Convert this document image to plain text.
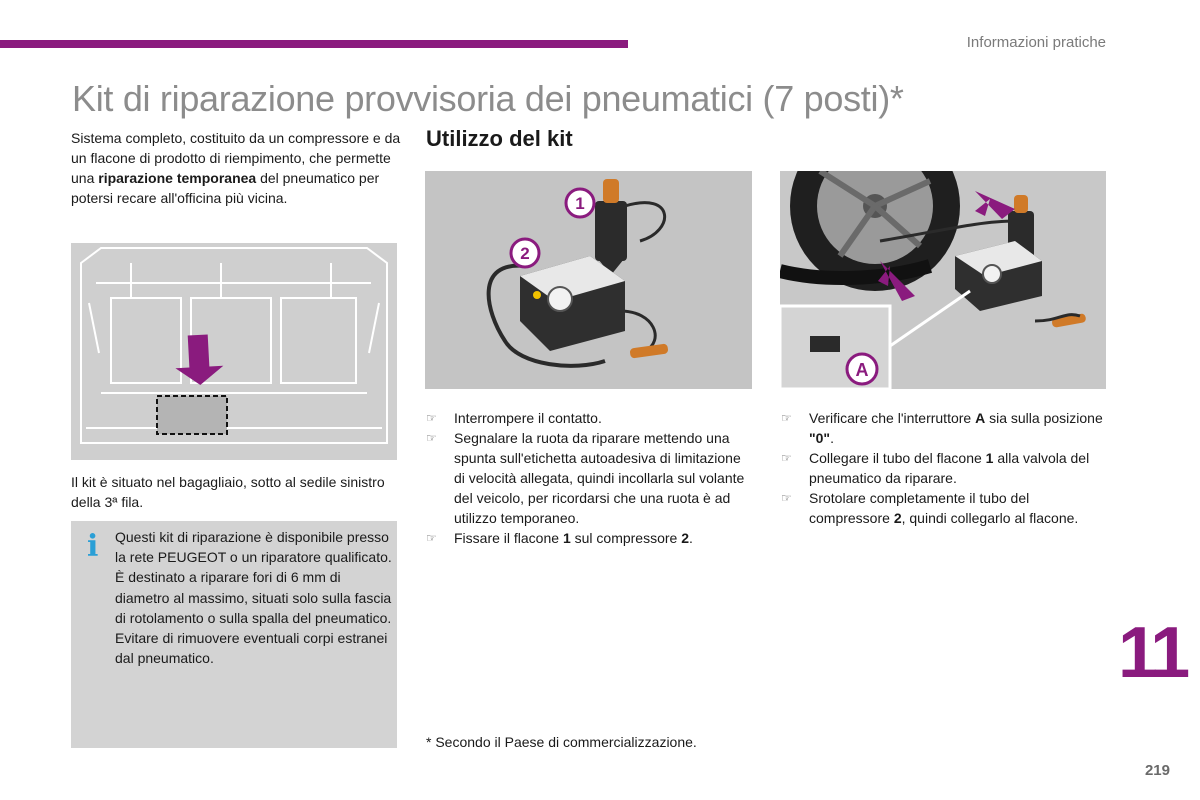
Informazioni pratiche
Kit di riparazione provvisoria dei pneumatici (7 posti)*
Sistema completo, costituito da un compressore e da un flacone di prodotto di riempimento, che permette una riparazione temporanea del pneumatico per potersi recare all'officina più vicina.
Il kit è situato nel bagagliaio, sotto al sedile sinistro della 3ª fila.
i Questi kit di riparazione è disponibile presso la rete PEUGEOT o un riparatore qualificato.
È destinato a riparare fori di 6 mm di diametro al massimo, situati solo sulla fascia di rotolamento o sulla spalla del pneumatico. Evitare di rimuovere eventuali corpi estranei dal pneumatico.
Utilizzo del kit
1
2
A
☞ Interrompere il contatto.
☞ Segnalare la ruota da riparare mettendo una spunta sull'etichetta autoadesiva di limitazione di velocità allegata, quindi incollarla sul volante del veicolo, per ricordarsi che una ruota è ad utilizzo temporaneo.
☞ Fissare il flacone 1 sul compressore 2.
☞ Verificare che l'interruttore A sia sulla posizione "0".
☞ Collegare il tubo del flacone 1 alla valvola del pneumatico da riparare.
☞ Srotolare completamente il tubo del compressore 2, quindi collegarlo al flacone.
* Secondo il Paese di commercializzazione.
11
219
